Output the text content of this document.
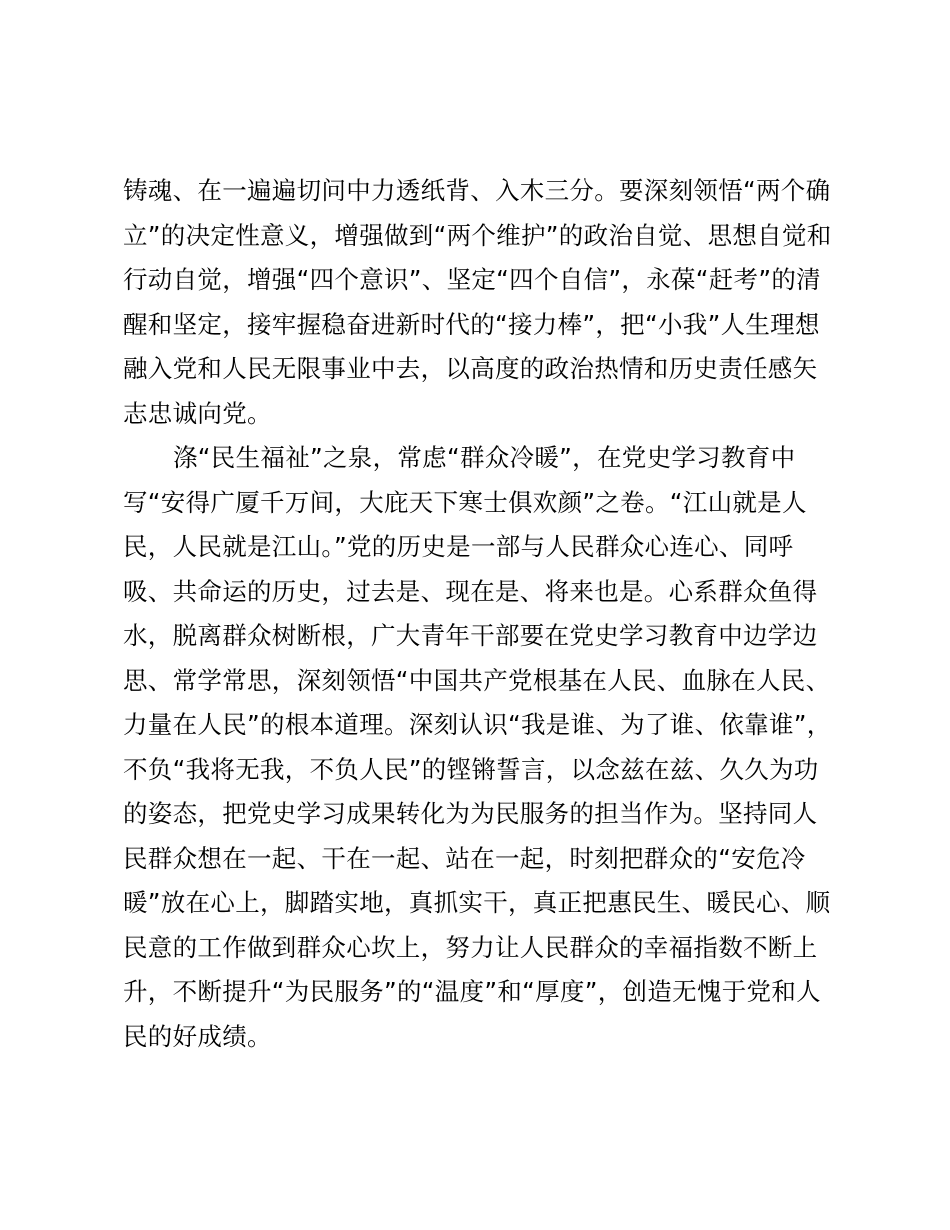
铸魂、在一遍遍切问中力透纸背、入木三分。要深刻领悟“两个确
立”的决定性意义，增强做到“两个维护”的政治自觉、思想自觉和
行动自觉，增强“四个意识”、坚定“四个自信”，永葆“赶考”的清
醒和坚定，接牢握稳奋进新时代的“接力棒”，把“小我”人生理想
融入党和人民无限事业中去，以高度的政治热情和历史责任感矢
志忠诚向党。
涤“民生福祉”之泉，常虑“群众冷暖”，在党史学习教育中
写“安得广厦千万间，大庇天下寒士俱欢颜”之卷。“江山就是人
民，人民就是江山。”党的历史是一部与人民群众心连心、同呼
吸、共命运的历史，过去是、现在是、将来也是。心系群众鱼得
水，脱离群众树断根，广大青年干部要在党史学习教育中边学边
思、常学常思，深刻领悟“中国共产党根基在人民、血脉在人民、
力量在人民”的根本道理。深刻认识“我是谁、为了谁、依靠谁”，
不负“我将无我，不负人民”的铿锵誓言，以念兹在兹、久久为功
的姿态，把党史学习成果转化为为民服务的担当作为。坚持同人
民群众想在一起、干在一起、站在一起，时刻把群众的“安危冷
暖”放在心上，脚踏实地，真抓实干，真正把惠民生、暖民心、顺
民意的工作做到群众心坎上，努力让人民群众的幸福指数不断上
升，不断提升“为民服务”的“温度”和“厚度”，创造无愧于党和人
民的好成绩。
